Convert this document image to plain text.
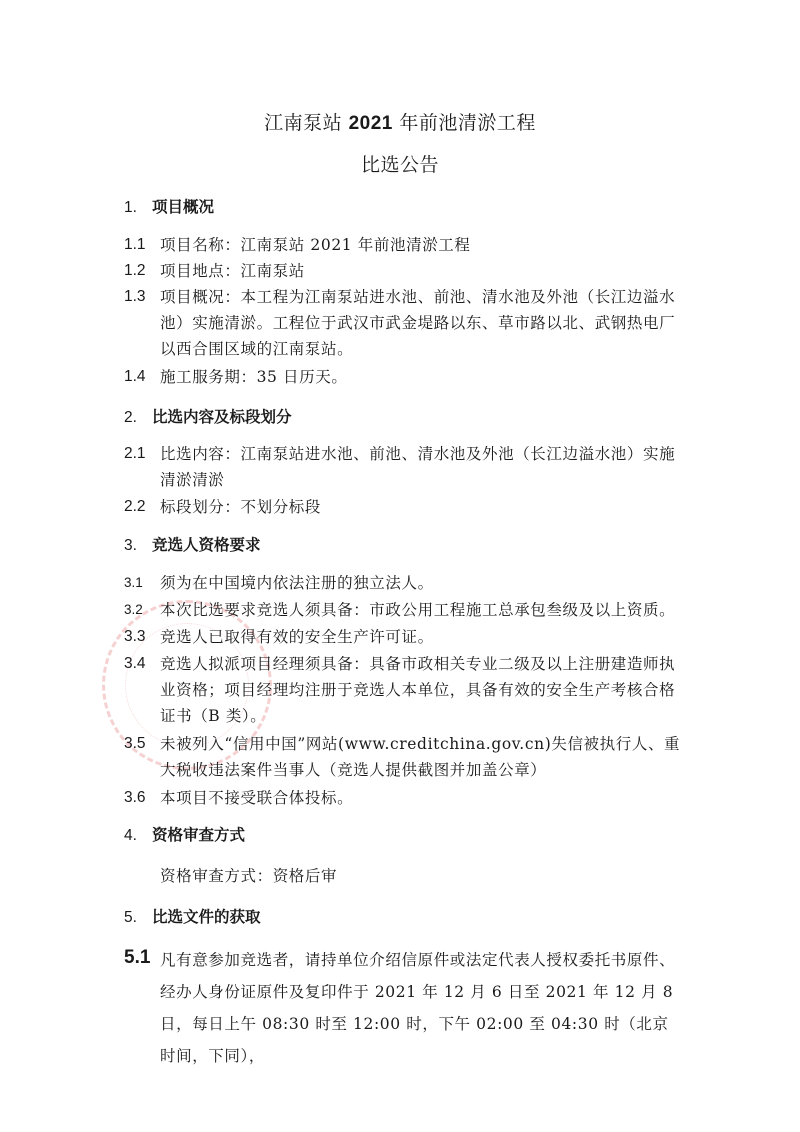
江南泵站 2021 年前池清淤工程
比选公告
1. 项目概况
1.1 项目名称：江南泵站 2021 年前池清淤工程
1.2 项目地点：江南泵站
1.3 项目概况：本工程为江南泵站进水池、前池、清水池及外池（长江边溢水池）实施清淤。工程位于武汉市武金堤路以东、草市路以北、武钢热电厂以西合围区域的江南泵站。
1.4 施工服务期：35 日历天。
2. 比选内容及标段划分
2.1 比选内容：江南泵站进水池、前池、清水池及外池（长江边溢水池）实施清淤清淤
2.2 标段划分：不划分标段
3. 竞选人资格要求
3.1 须为在中国境内依法注册的独立法人。
3.2 本次比选要求竞选人须具备：市政公用工程施工总承包叁级及以上资质。
3.3 竞选人已取得有效的安全生产许可证。
3.4 竞选人拟派项目经理须具备：具备市政相关专业二级及以上注册建造师执业资格；项目经理均注册于竞选人本单位，具备有效的安全生产考核合格证书（B 类）。
3.5 未被列入“信用中国”网站(www.creditchina.gov.cn)失信被执行人、重大税收违法案件当事人（竞选人提供截图并加盖公章）
3.6 本项目不接受联合体投标。
4. 资格审查方式
资格审查方式：资格后审
5. 比选文件的获取
5.1 凡有意参加竞选者，请持单位介绍信原件或法定代表人授权委托书原件、经办人身份证原件及复印件于 2021 年 12 月 6 日至 2021 年 12 月 8 日，每日上午 08:30 时至 12:00 时，下午 02:00 至 04:30 时（北京时间，下同），
